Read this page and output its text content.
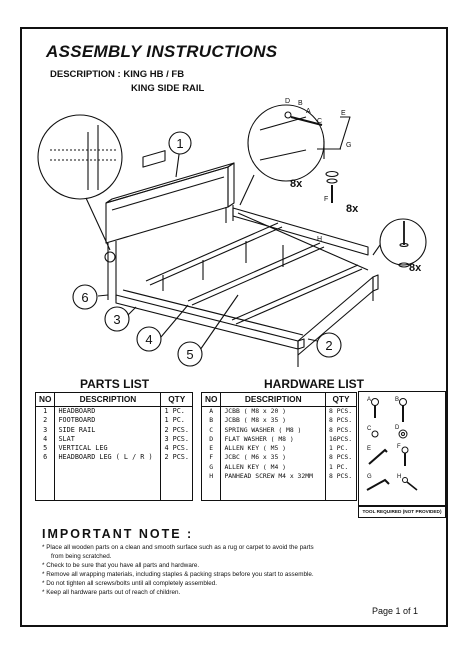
ASSEMBLY INSTRUCTIONS
DESCRIPTION : KING HB / FB
KING SIDE RAIL
1
6
3
4
5
2
A
B
C
D
E
F
G
H
8x
8x
8x
PARTS LIST
NO	DESCRIPTION	QTY
1	HEADBOARD	1 PC.
2	FOOTBOARD	1 PC.
3	SIDE RAIL	2 PCS.
4	SLAT	3 PCS.
5	VERTICAL LEG	4 PCS.
6	HEADBOARD LEG ( L / R )	2 PCS.

HARDWARE LIST
NO	DESCRIPTION	QTY
A	JCBB ( M8 x 20 )	8 PCS.
B	JCBB ( M8 x 35 )	8 PCS.
C	SPRING WASHER ( M8 )	8 PCS.
D	FLAT WASHER ( M8 )	16PCS.
E	ALLEN KEY ( M5 )	1 PC.
F	JCBC ( M6 x 35 )	8 PCS.
G	ALLEN KEY ( M4 )	1 PC.
H	PANHEAD SCREW M4 x 32MM	8 PCS.

A	B
C	D
E	F
G	H
TOOL REQUIRED (NOT PROVIDED)
IMPORTANT NOTE :
* Place all wooden parts on a clean and smooth surface such as a rug or carpet to avoid the parts
from being scratched.
* Check to be sure that you have all parts and hardware.
* Remove all wrapping materials, including staples & packing straps before you start to assemble.
* Do not tighten all screws/bolts until all completely assembled.
* Keep all hardware parts out of reach of children.
Page 1 of 1
